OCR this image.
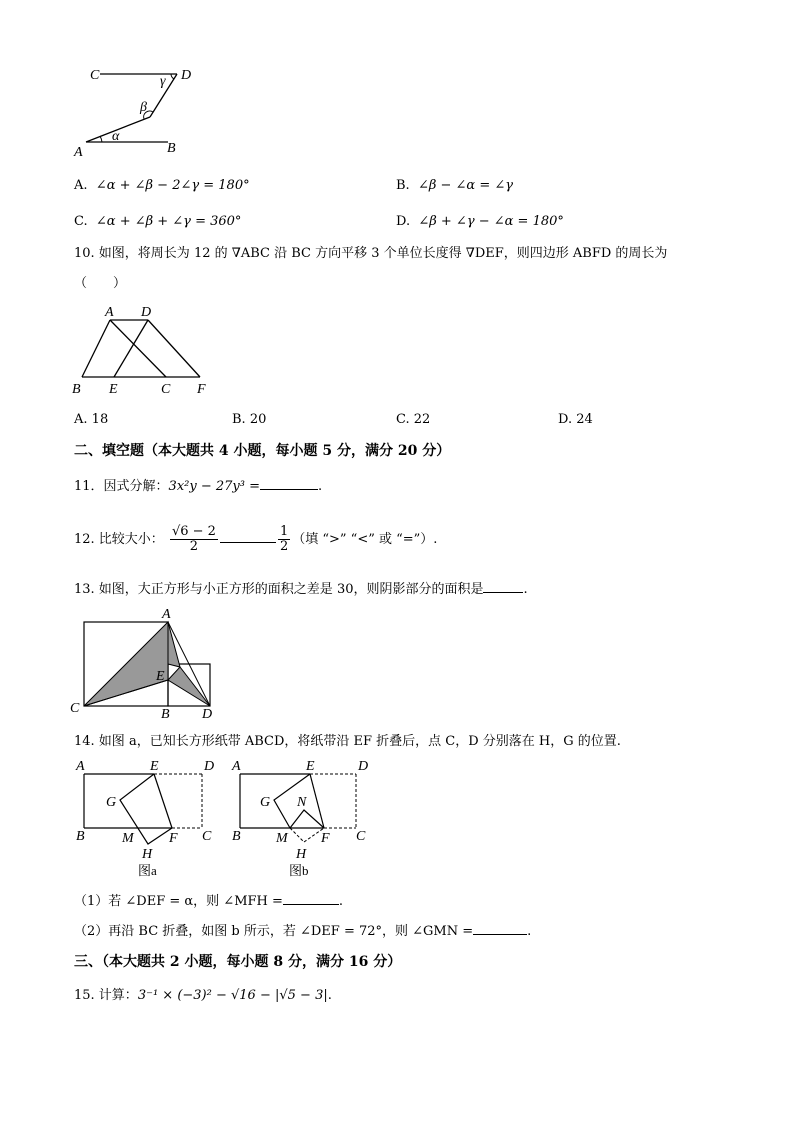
C	D
A	B
α
β
γ
A. ∠α + ∠β − 2∠γ = 180°	B. ∠β − ∠α = ∠γ
C. ∠α + ∠β + ∠γ = 360°	D. ∠β + ∠γ − ∠α = 180°
10. 如图，将周长为 12 的 ∇ABC 沿 BC 方向平移 3 个单位长度得 ∇DEF，则四边形 ABFD 的周长为
（　　）
A D
B E	C F
A. 18	B. 20	C. 22	D. 24
二、填空题（本大题共 4 小题，每小题 5 分，满分 20 分）
11．因式分解：3x²y − 27y³ =	.
12. 比较大小： $\frac{√6 - 2}{2}$	$\frac{1}{2}$ （填 “>” “<” 或 “=”）.
13. 如图，大正方形与小正方形的面积之差是 30，则阴影部分的面积是	.
A
C
E
B D
14. 如图 a，已知长方形纸带 ABCD，将纸带沿 EF 折叠后，点 C，D 分别落在 H，G 的位置.
A	E	D
G
B	M	F C
H
图a
A	E	D
G N
B	M F C
H
图b
（1）若 ∠DEF = α，则 ∠MFH =	.
（2）再沿 BC 折叠，如图 b 所示，若 ∠DEF = 72°，则 ∠GMN =	.
三、（本大题共 2 小题，每小题 8 分，满分 16 分）
15. 计算：3⁻¹ × (−3)² − √16 − |√5 − 3|.
